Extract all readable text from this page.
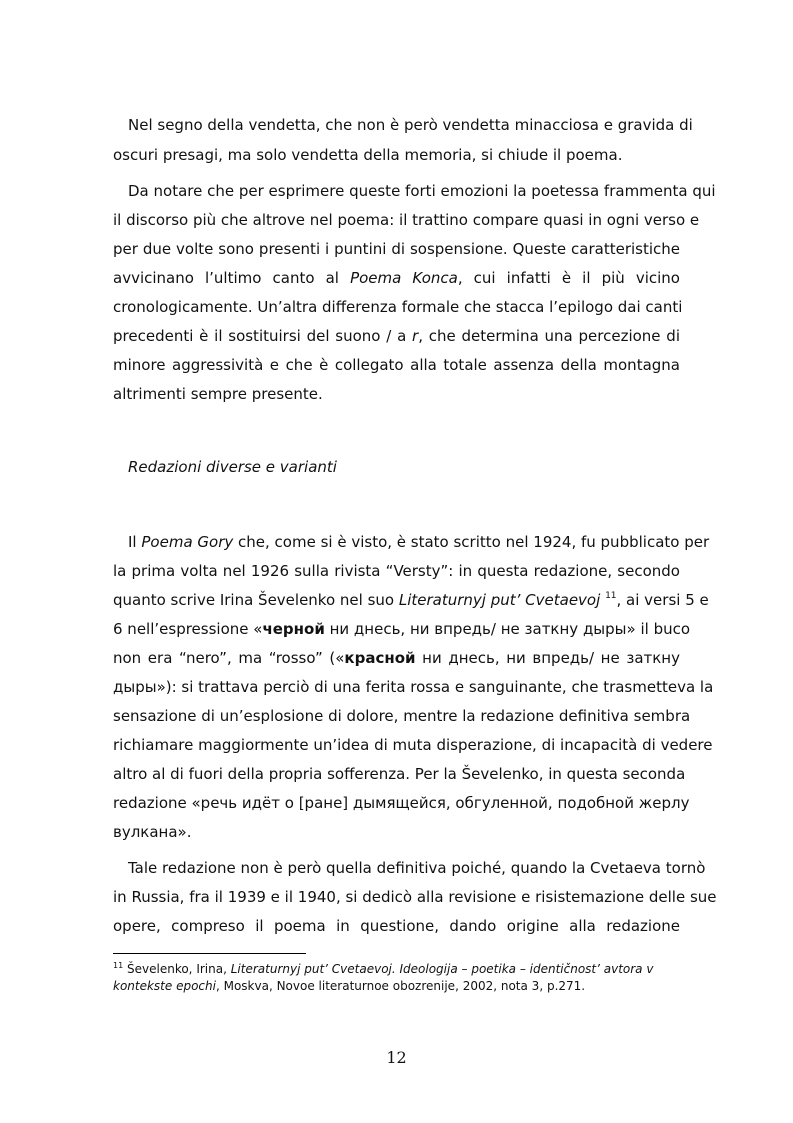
Nel segno della vendetta, che non è però vendetta minacciosa e gravida di
oscuri presagi, ma solo vendetta della memoria, si chiude il poema.
Da notare che per esprimere queste forti emozioni la poetessa frammenta qui
il discorso più che altrove nel poema: il trattino compare quasi in ogni verso e
per due volte sono presenti i puntini di sospensione. Queste caratteristiche
avvicinano l’ultimo canto al Poema Konca, cui infatti è il più vicino
cronologicamente. Un’altra differenza formale che stacca l’epilogo dai canti
precedenti è il sostituirsi del suono / a r, che determina una percezione di
minore aggressività e che è collegato alla totale assenza della montagna
altrimenti sempre presente.
Redazioni diverse e varianti
Il Poema Gory che, come si è visto, è stato scritto nel 1924, fu pubblicato per
la prima volta nel 1926 sulla rivista “Versty”: in questa redazione, secondo
quanto scrive Irina Ševelenko nel suo Literaturnyj put’ Cvetaevoj $^{11}$, ai versi 5 e
6 nell’espressione «черной ни днесь, ни впредь/ не заткну дыры» il buco
non era “nero”, ma “rosso” («красной ни днесь, ни впредь/ не заткну
дыры»): si trattava perciò di una ferita rossa e sanguinante, che trasmetteva la
sensazione di un’esplosione di dolore, mentre la redazione definitiva sembra
richiamare maggiormente un’idea di muta disperazione, di incapacità di vedere
altro al di fuori della propria sofferenza. Per la Ševelenko, in questa seconda
redazione «речь идёт о [ране] дымящейся, обгуленной, подобной жерлу
вулкана».
Tale redazione non è però quella definitiva poiché, quando la Cvetaeva tornò
in Russia, fra il 1939 e il 1940, si dedicò alla revisione e risistemazione delle sue
opere, compreso il poema in questione, dando origine alla redazione
$^{11}$ Ševelenko, Irina, Literaturnyj put’ Cvetaevoj. Ideologija – poetika – identičnost’ avtora v
kontekste epochi, Moskva, Novoe literaturnoe obozrenije, 2002, nota 3, p.271.
12
